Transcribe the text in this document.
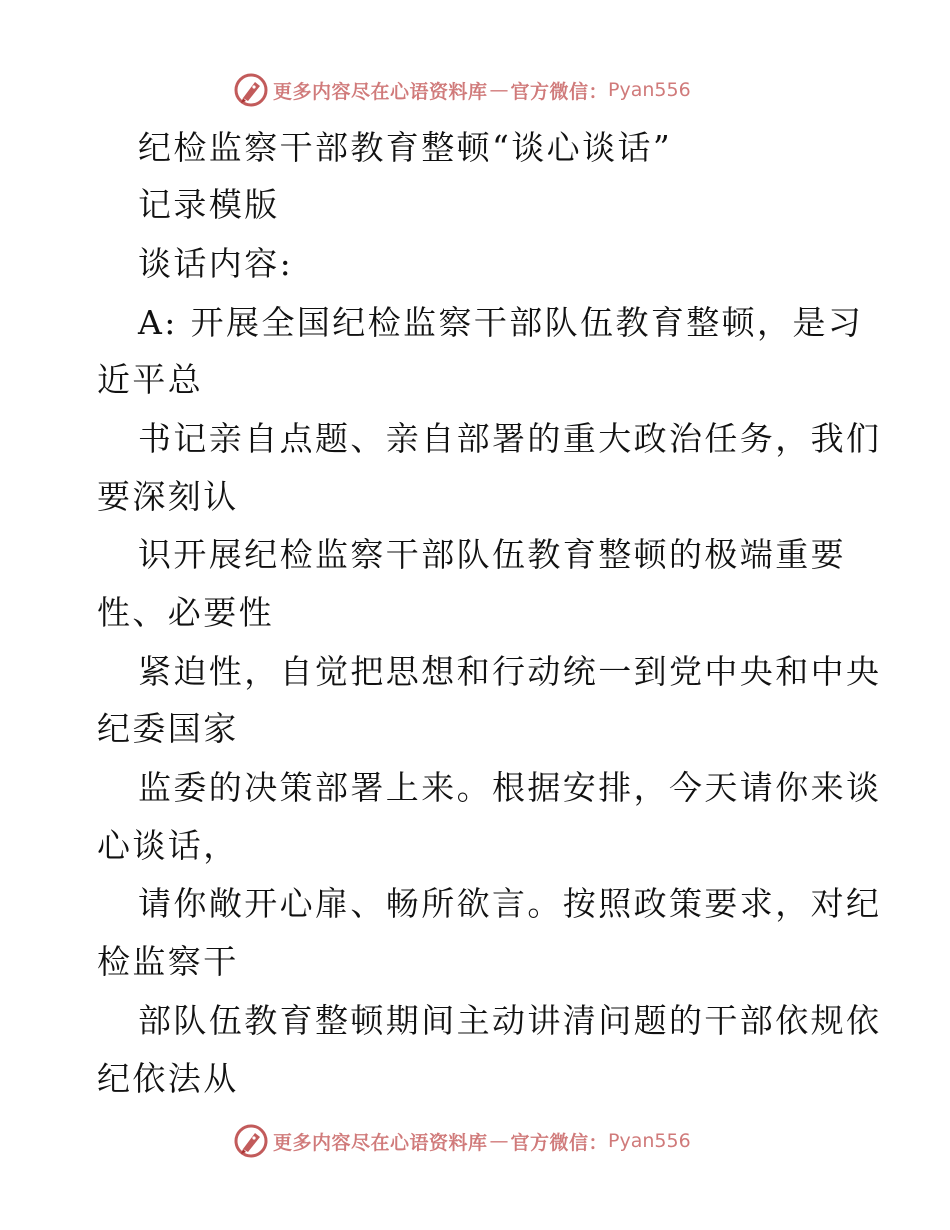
更多内容尽在心语资料库 — 官方微信： Pyan556
纪检监察干部教育整顿“谈心谈话”
记录模版
谈话内容:
A: 开展全国纪检监察干部队伍教育整顿，是习
近平总
书记亲自点题、亲自部署的重大政治任务，我们
要深刻认
识开展纪检监察干部队伍教育整顿的极端重要
性、必要性
紧迫性，自觉把思想和行动统一到党中央和中央
纪委国家
监委的决策部署上来。根据安排，今天请你来谈
心谈话，
请你敞开心扉、畅所欲言。按照政策要求，对纪
检监察干
部队伍教育整顿期间主动讲清问题的干部依规依
纪依法从
更多内容尽在心语资料库 — 官方微信： Pyan556
